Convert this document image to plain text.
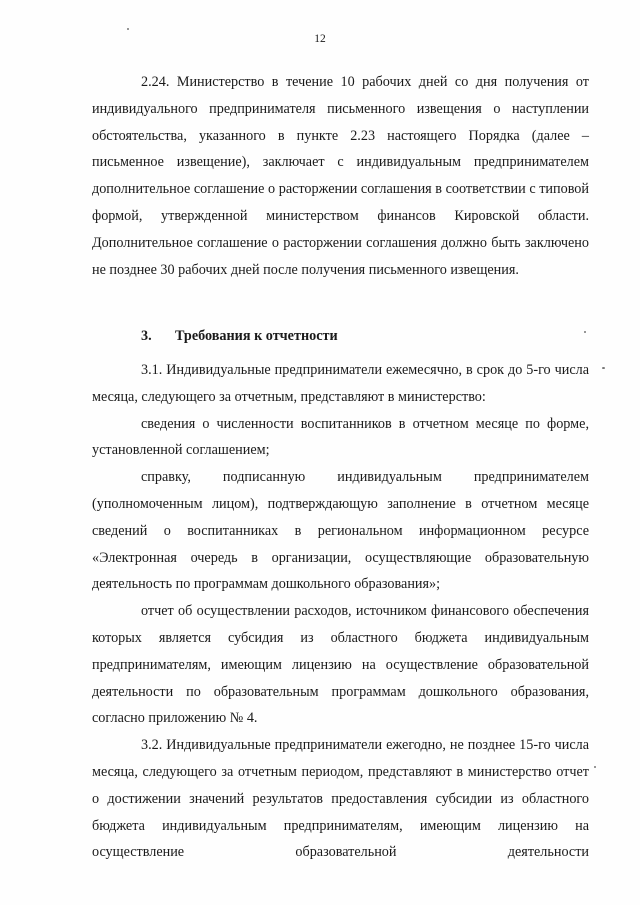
12

2.24. Министерство в течение 10 рабочих дней со дня получения от индивидуального предпринимателя письменного извещения о наступлении обстоятельства, указанного в пункте 2.23 настоящего Порядка (далее – письменное извещение), заключает с индивидуальным предпринимателем дополнительное соглашение о расторжении соглашения в соответствии с типовой формой, утвержденной министерством финансов Кировской области. Дополнительное соглашение о расторжении соглашения должно быть заключено не позднее 30 рабочих дней после получения письменного извещения.

3. Требования к отчетности

3.1. Индивидуальные предприниматели ежемесячно, в срок до 5-го числа месяца, следующего за отчетным, представляют в министерство:

сведения о численности воспитанников в отчетном месяце по форме, установленной соглашением;

справку, подписанную индивидуальным предпринимателем (уполномоченным лицом), подтверждающую заполнение в отчетном месяце сведений о воспитанниках в региональном информационном ресурсе «Электронная очередь в организации, осуществляющие образовательную деятельность по программам дошкольного образования»;

отчет об осуществлении расходов, источником финансового обеспечения которых является субсидия из областного бюджета индивидуальным предпринимателям, имеющим лицензию на осуществление образовательной деятельности по образовательным программам дошкольного образования, согласно приложению № 4.

3.2. Индивидуальные предприниматели ежегодно, не позднее 15-го числа месяца, следующего за отчетным периодом, представляют в министерство отчет о достижении значений результатов предоставления субсидии из областного бюджета индивидуальным предпринимателям, имеющим лицензию на осуществление образовательной деятельности
